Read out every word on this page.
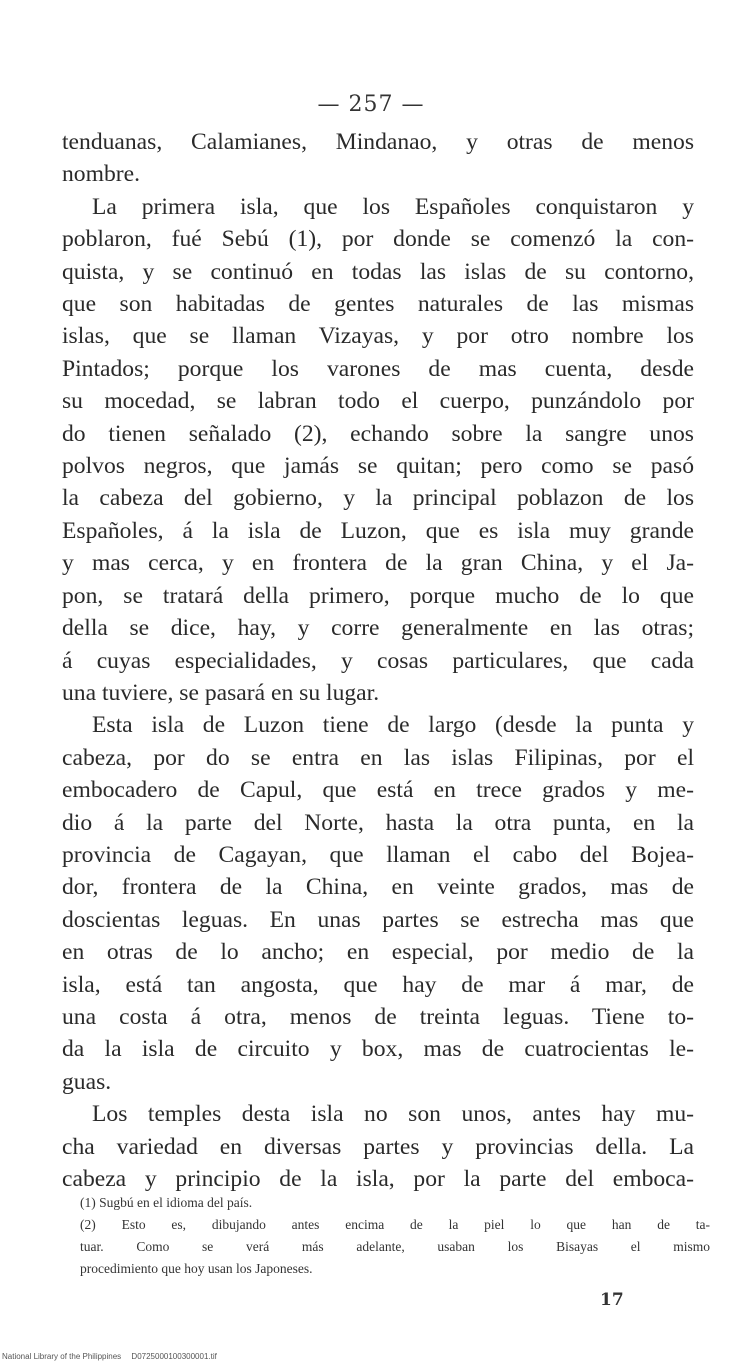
— 257 —
tenduanas, Calamianes, Mindanao, y otras de menos
nombre.
La primera isla, que los Españoles conquistaron y
poblaron, fué Sebú (1), por donde se comenzó la con-
quista, y se continuó en todas las islas de su contorno,
que son habitadas de gentes naturales de las mismas
islas, que se llaman Vizayas, y por otro nombre los
Pintados; porque los varones de mas cuenta, desde
su mocedad, se labran todo el cuerpo, punzándolo por
do tienen señalado (2), echando sobre la sangre unos
polvos negros, que jamás se quitan; pero como se pasó
la cabeza del gobierno, y la principal poblazon de los
Españoles, á la isla de Luzon, que es isla muy grande
y mas cerca, y en frontera de la gran China, y el Ja-
pon, se tratará della primero, porque mucho de lo que
della se dice, hay, y corre generalmente en las otras;
á cuyas especialidades, y cosas particulares, que cada
una tuviere, se pasará en su lugar.
Esta isla de Luzon tiene de largo (desde la punta y
cabeza, por do se entra en las islas Filipinas, por el
embocadero de Capul, que está en trece grados y me-
dio á la parte del Norte, hasta la otra punta, en la
provincia de Cagayan, que llaman el cabo del Bojea-
dor, frontera de la China, en veinte grados, mas de
doscientas leguas. En unas partes se estrecha mas que
en otras de lo ancho; en especial, por medio de la
isla, está tan angosta, que hay de mar á mar, de
una costa á otra, menos de treinta leguas. Tiene to-
da la isla de circuito y box, mas de cuatrocientas le-
guas.
Los temples desta isla no son unos, antes hay mu-
cha variedad en diversas partes y provincias della. La
cabeza y principio de la isla, por la parte del emboca-
(1) Sugbú en el idioma del país.
(2) Esto es, dibujando antes encima de la piel lo que han de ta-
tuar. Como se verá más adelante, usaban los Bisayas el mismo
procedimiento que hoy usan los Japoneses.
17
National Library of the Philippines D0725000100300001.tif
